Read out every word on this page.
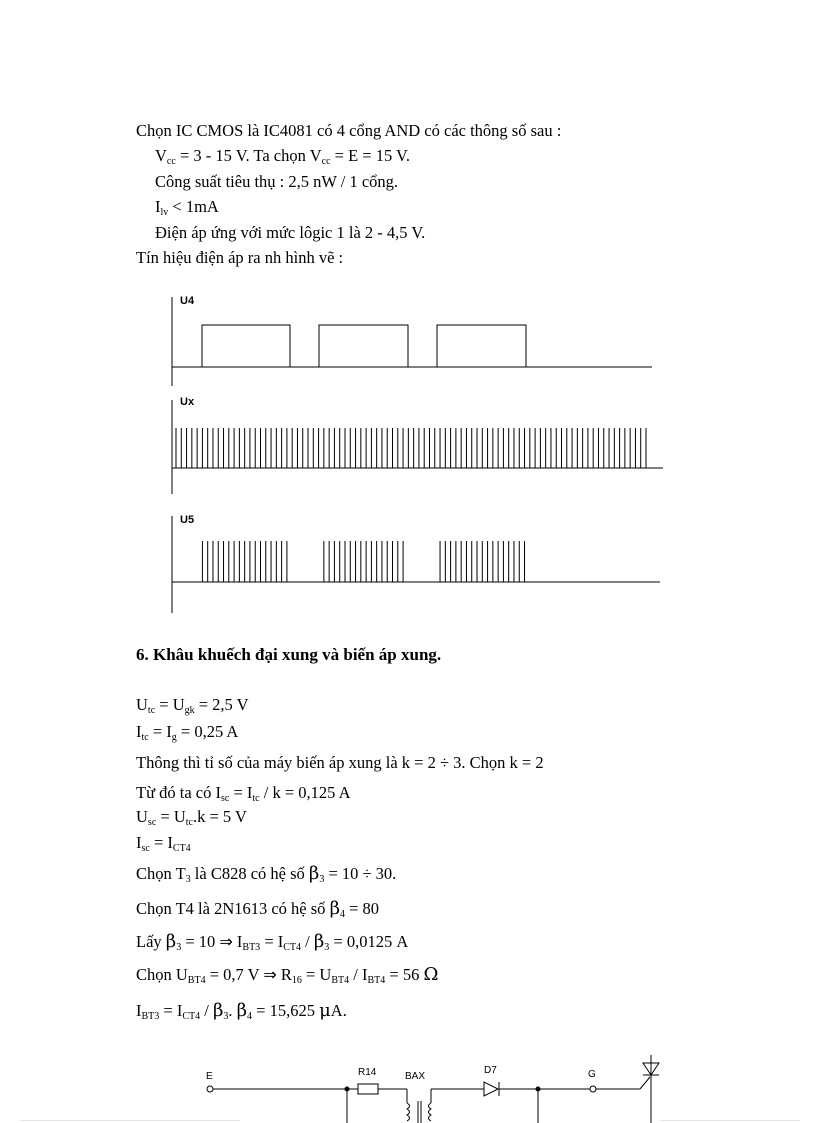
Chọn IC CMOS là IC4081 có 4 cổng AND có các thông số sau :
$V_{cc} = 3 - 15$ V. Ta chọn $V_{cc} = E = 15$ V.
Công suất tiêu thụ : 2,5 nW / 1 cổng.
$I_{lv} < 1mA$
Điện áp ứng với mức lôgic 1 là 2 - 4,5 V.
Tín hiệu điện áp ra nh hình vẽ :
U4
Ux
U5
6. Khâu khuếch đại xung và biến áp xung.
$U_{tc} = U_{gk} = 2,5$ V
$I_{tc} = I_g = 0,25$ A
Thông thì tỉ số của máy biến áp xung là k = 2 ÷ 3. Chọn k = 2
Từ đó ta có $I_{sc} = I_{tc} / k = 0,125$ A
$U_{sc} = U_{tc}.k = 5$ V
$I_{sc} = I_{CT4}$
Chọn $T_3$ là C828 có hệ số $\beta_3 = 10 \div 30$.
Chọn T4 là 2N1613 có hệ số $\beta_4 = 80$
Lấy $\beta_3 = 10$ ⇒ $I_{BT3} = I_{CT4} / \beta_3 = 0,0125$ A
Chọn $U_{BT4} = 0,7$ V ⇒ $R_{16} = U_{BT4} / I_{BT4} = 56$ Ω
$I_{BT3} = I_{CT4} / \beta_3$. $\beta_4 = 15,625$ μA.
E	R14	BAX
D7	G
